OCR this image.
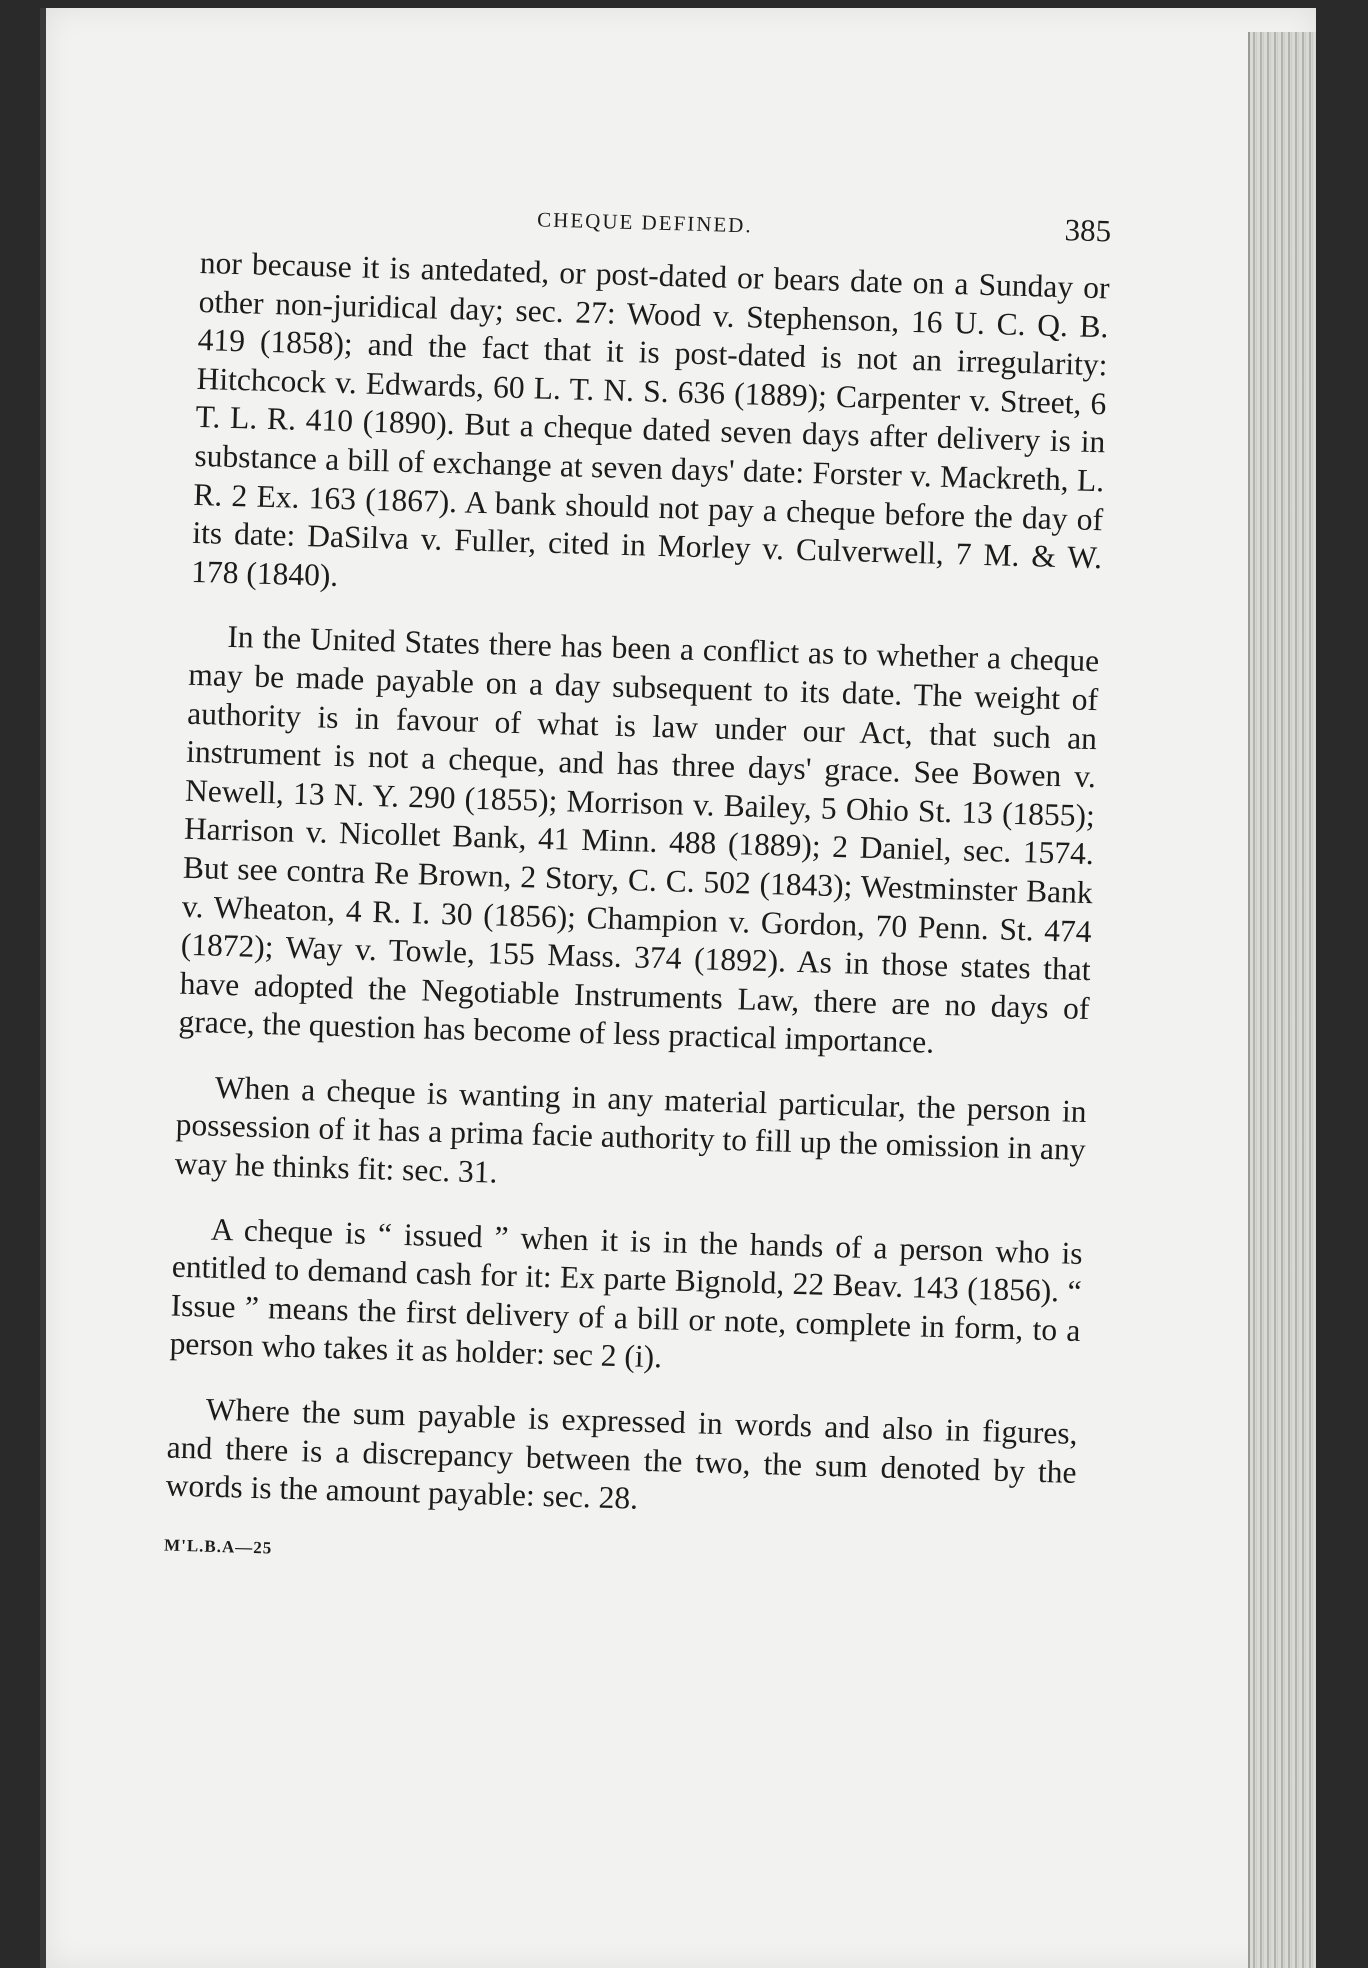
CHEQUE DEFINED.	385

nor because it is antedated, or post-dated or bears date on a Sunday or other non-juridical day; sec. 27: Wood v. Stephenson, 16 U. C. Q. B. 419 (1858); and the fact that it is post-dated is not an irregularity: Hitchcock v. Edwards, 60 L. T. N. S. 636 (1889); Carpenter v. Street, 6 T. L. R. 410 (1890). But a cheque dated seven days after delivery is in substance a bill of exchange at seven days' date: Forster v. Mackreth, L. R. 2 Ex. 163 (1867). A bank should not pay a cheque before the day of its date: DaSilva v. Fuller, cited in Morley v. Culverwell, 7 M. & W. 178 (1840).

In the United States there has been a conflict as to whether a cheque may be made payable on a day subsequent to its date. The weight of authority is in favour of what is law under our Act, that such an instrument is not a cheque, and has three days' grace. See Bowen v. Newell, 13 N. Y. 290 (1855); Morrison v. Bailey, 5 Ohio St. 13 (1855); Harrison v. Nicollet Bank, 41 Minn. 488 (1889); 2 Daniel, sec. 1574. But see contra Re Brown, 2 Story, C. C. 502 (1843); Westminster Bank v. Wheaton, 4 R. I. 30 (1856); Champion v. Gordon, 70 Penn. St. 474 (1872); Way v. Towle, 155 Mass. 374 (1892). As in those states that have adopted the Negotiable Instruments Law, there are no days of grace, the question has become of less practical importance.

When a cheque is wanting in any material particular, the person in possession of it has a prima facie authority to fill up the omission in any way he thinks fit: sec. 31.

A cheque is “ issued ” when it is in the hands of a person who is entitled to demand cash for it: Ex parte Bignold, 22 Beav. 143 (1856). “ Issue ” means the first delivery of a bill or note, complete in form, to a person who takes it as holder: sec 2 (i).

Where the sum payable is expressed in words and also in figures, and there is a discrepancy between the two, the sum denoted by the words is the amount payable: sec. 28.

M'L.B.A—25
